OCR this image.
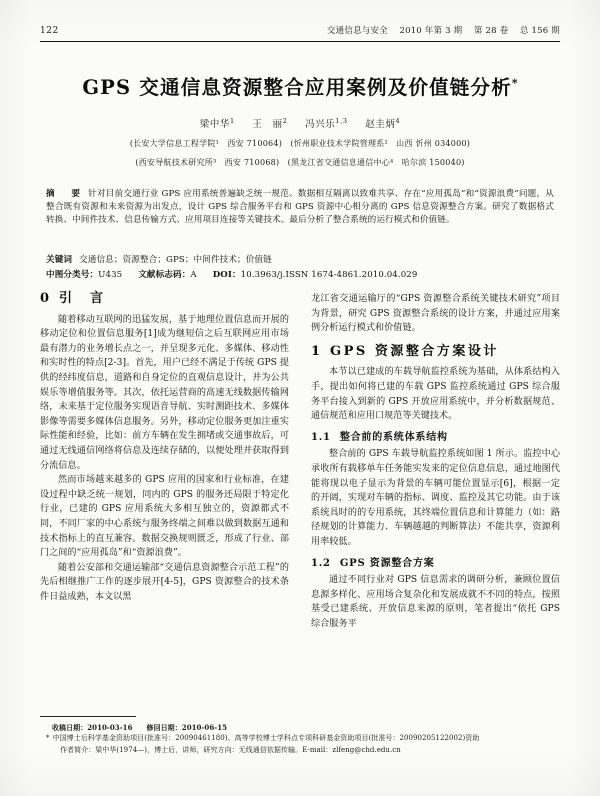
122	交通信息与安全    2010 年第 3 期    第 28 卷    总 156 期
GPS 交通信息资源整合应用案例及价值链分析*
梁中华$^1$ 王　丽$^2$ 冯兴乐$^{1,3}$ 赵圭炳$^4$
(长安大学信息工程学院¹　西安 710064)　(忻州职业技术学院管理系²　山西 忻州 034000)
(西安导航技术研究所³　西安 710068)　(黑龙江省交通信息通信中心⁴　哈尔滨 150040)
摘　要 针对目前交通行业 GPS 应用系统普遍缺乏统一规范、数据相互隔离以致难共享、存在“应用孤岛”和“资源浪费”问题，从整合既有资源和未来资源为出发点，设计 GPS 综合服务平台和 GPS 资源中心相分离的 GPS 信息资源整合方案。研究了数据格式转换、中间件技术、信息传输方式、应用项目连接等关键技术。最后分析了整合系统的运行模式和价值链。
关键词 交通信息；资源整合；GPS；中间件技术；价值链
中图分类号：U435 文献标志码：A DOI：10.3963/j.ISSN 1674-4861.2010.04.029
0 引　言

随着移动互联网的迅猛发展，基于地理位置信息而开展的移动定位和位置信息服务[1]成为继短信之后互联网应用市场最有潜力的业务增长点之一，并呈现多元化、多媒体、移动性和实时性的特点[2-3]。首先，用户已经不满足于传统 GPS 提供的经纬度信息，道路和自身定位的直观信息设计，并为公共娱乐等增值服务等。其次，依托运营商的高速无线数据传输网络，未来基于定位服务实现语音导航、实时测距技术、多媒体影像等需要多媒体信息服务。另外，移动定位服务更加注重实际性能和经验，比如：前方车辆在发生拥堵或交通事故后，可通过无线通信网络将信息及连续存储的，以便处理并获取得到分流信息。

然而市场越来越多的 GPS 应用的国家和行业标准，在建设过程中缺乏统一规划，同内的 GPS 的服务还局限于特定化行业，已建的 GPS 应用系统大多相互独立的，资源都式不同，不同厂家的中心系统与服务终端之间难以做到数据互通和技术指标上的直互兼容。数据交换规则匮乏，形成了行业、部门之间的“应用孤岛”和“资源浪费”。

随着公安部和交通运输部“交通信息资源整合示范工程”的先后相继推广工作的逐步展开[4-5]，GPS 资源整合的技术条件日益成熟，本文以黑

龙江省交通运输厅的“GPS 资源整合系统关键技术研究”项目为背景，研究 GPS 资源整合系统的设计方案，并通过应用案例分析运行模式和价值链。

1 GPS 资源整合方案设计

本节以已建成的车载导航监控系统为基础，从体系结构入手，提出如何将已建的车载 GPS 监控系统通过 GPS 综合服务平台接入到新的 GPS 开放应用系统中，并分析数据规范、通信规范和应用口规范等关键技术。

1.1 整合前的系统体系结构

整合前的 GPS 车载导航监控系统如图 1 所示。监控中心承收所有载移单车任务能实发来的定位信息信息，通过地图代能将现以电子显示为背景的车辆可能位置显示[6]，根据一定的开阔，实现对车辆的指标、调度、监控及其它功能。由于该系统具时的的专用系统，其终端位置信息和计算能力（如：路径规划的计算能力、车辆越越的判断算法）不能共享，资源利用率较低。

1.2 GPS 资源整合方案

通过不同行业对 GPS 信息需求的调研分析，兼顾位置信息源多样化、应用场合复杂化和发展成就不不同的特点，按照基受已建系统、开放信息来源的原则，笔者提出“依托 GPS 综合服务平

收稿日期：2010-03-16 修回日期：2010-06-15
* 中国博士后科学基金资助项目(批准号：20090461180)、高等学校博士学科点专项科研基金资助项目(批准号：20090205122002)资助
作者简介：梁中华(1974—)，博士后，讲师，研究方向：无线通信依据传输。E-mail：zlfeng@chd.edu.cn
